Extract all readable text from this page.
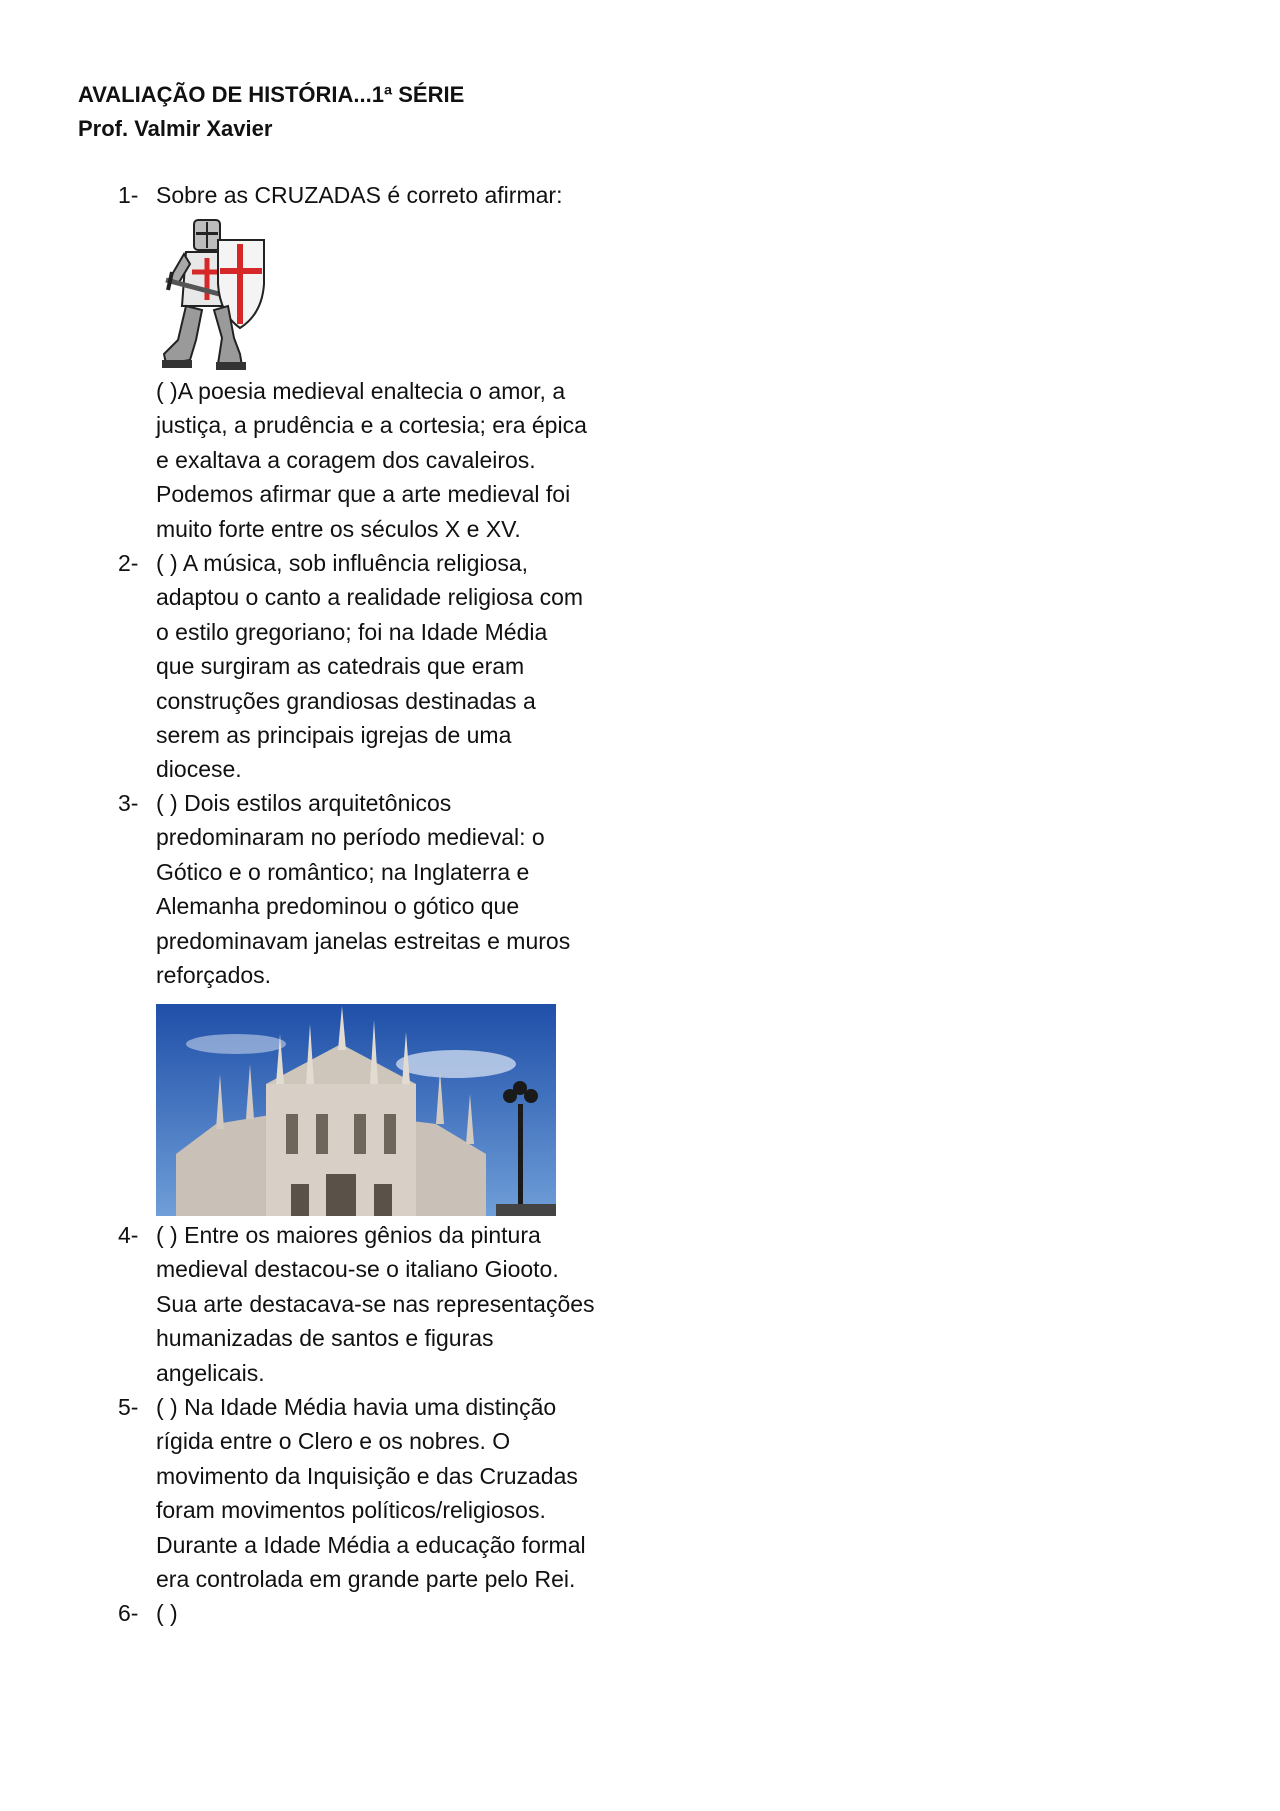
AVALIAÇÃO DE HISTÓRIA...1ª SÉRIE
Prof. Valmir Xavier
1- Sobre as CRUZADAS é correto afirmar:
( )A poesia medieval enaltecia o amor, a
justiça, a prudência e a cortesia; era épica
e exaltava a coragem dos cavaleiros.
Podemos afirmar que a arte medieval foi
muito forte entre os séculos X e XV.
2- ( ) A música, sob influência religiosa,
adaptou o canto a realidade religiosa com
o estilo gregoriano; foi na Idade Média
que surgiram as catedrais que eram
construções grandiosas destinadas a
serem as principais igrejas de uma
diocese.
3- ( ) Dois estilos arquitetônicos
predominaram no período medieval: o
Gótico e o romântico; na Inglaterra e
Alemanha predominou o gótico que
predominavam janelas estreitas e muros
reforçados.
4- ( ) Entre os maiores gênios da pintura
medieval destacou-se o italiano Giooto.
Sua arte destacava-se nas representações
humanizadas de santos e figuras
angelicais.
5- ( ) Na Idade Média havia uma distinção
rígida entre o Clero e os nobres. O
movimento da Inquisição e das Cruzadas
foram movimentos políticos/religiosos.
Durante a Idade Média a educação formal
era controlada em grande parte pelo Rei.
6- ( )
